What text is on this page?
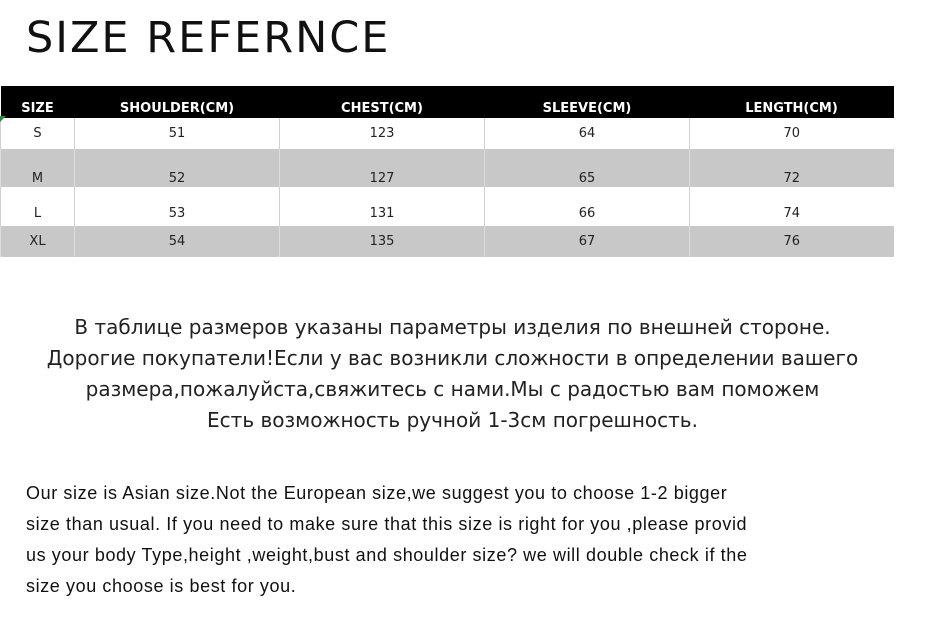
SIZE REFERNCE
SIZE	SHOULDER(CM)	CHEST(CM)	SLEEVE(CM)	LENGTH(CM)
S	51	123	64	70
M	52	127	65	72
L	53	131	66	74
XL	54	135	67	76
В таблице размеров указаны параметры изделия по внешней стороне.
Дорогие покупатели!Если у вас возникли сложности в определении вашего
размера,пожалуйста,свяжитесь с нами.Мы с радостью вам поможем
Есть возможность ручной 1-3см погрешность.
Our size is Asian size.Not the European size,we suggest you to choose 1-2 bigger
size than usual. If you need to make sure that this size is right for you ,please provid
us your body Type,height ,weight,bust and shoulder size? we will double check if the
size you choose is best for you.
